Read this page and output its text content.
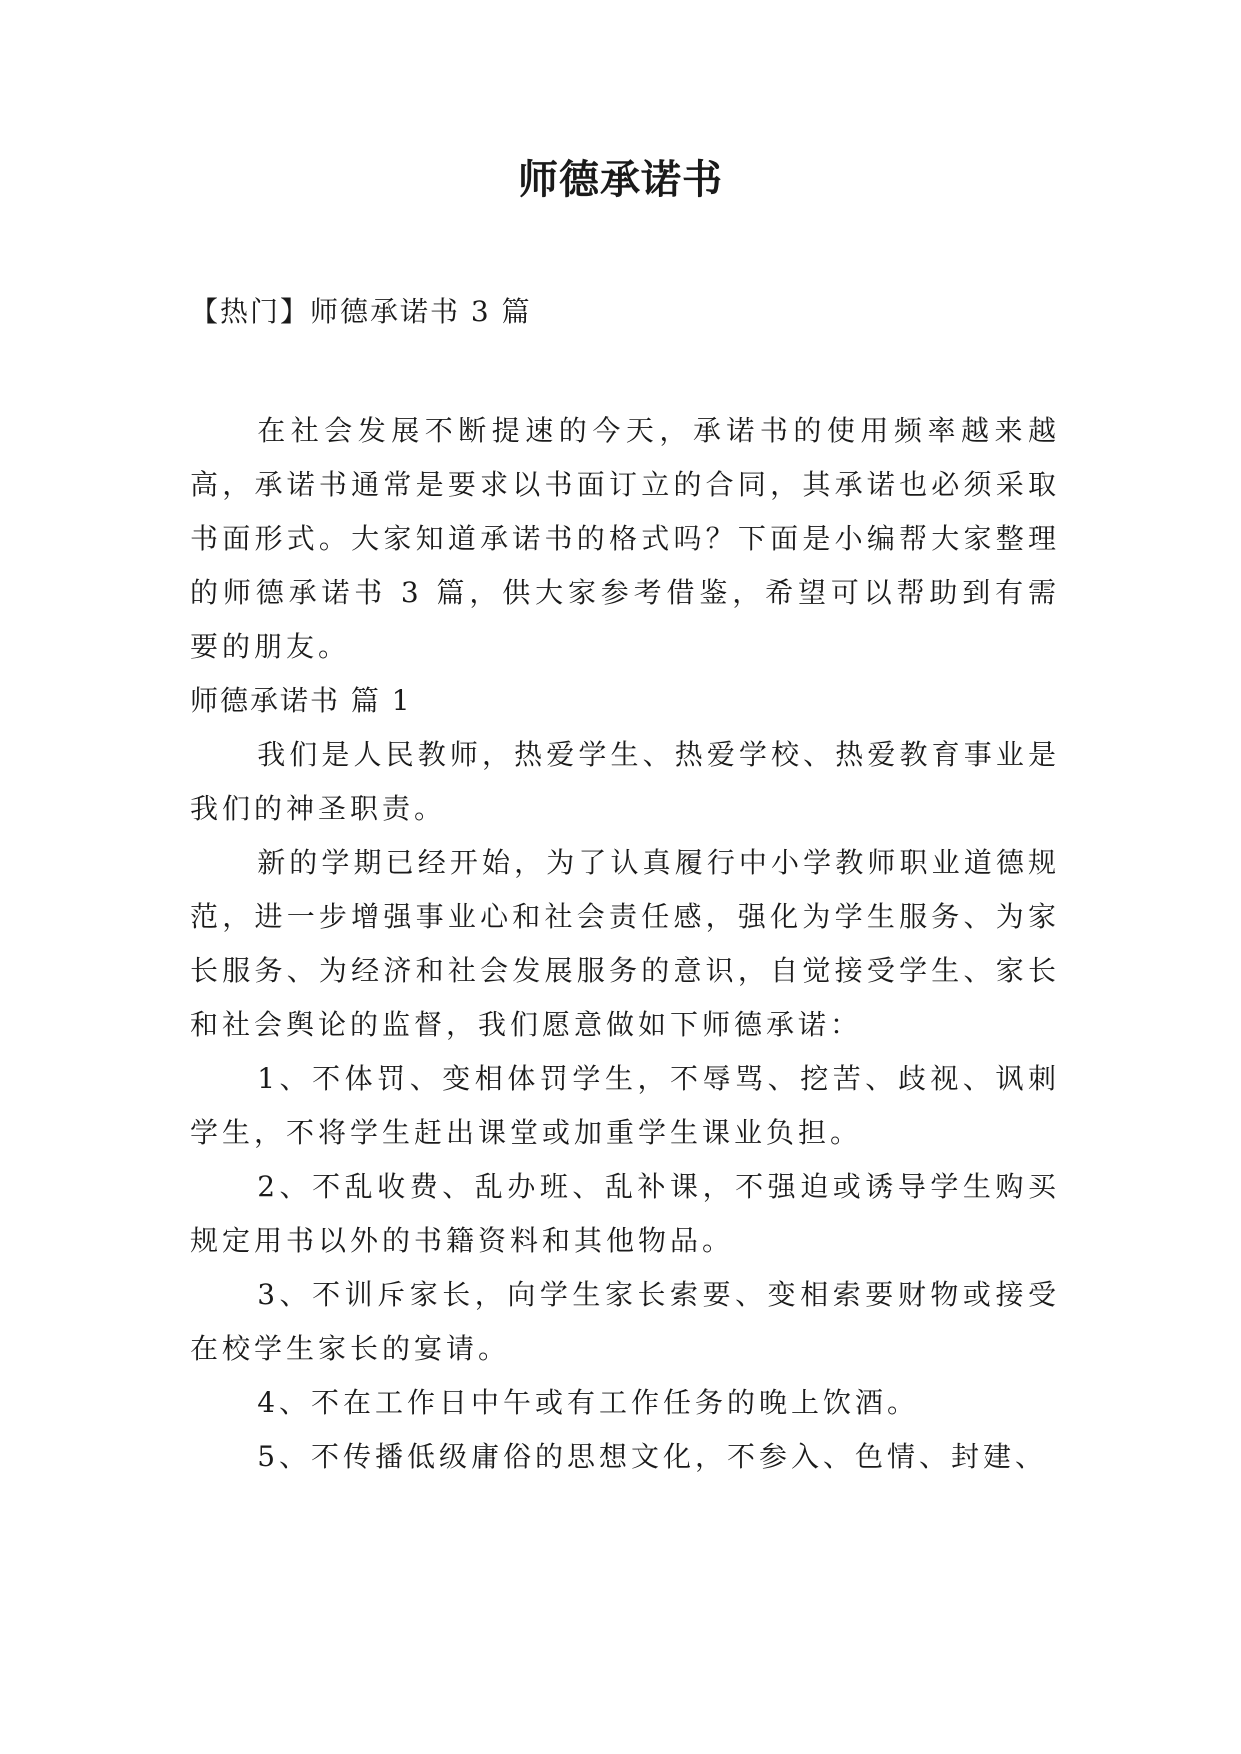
师德承诺书
【热门】师德承诺书 3 篇

在社会发展不断提速的今天，承诺书的使用频率越来越高，承诺书通常是要求以书面订立的合同，其承诺也必须采取书面形式。大家知道承诺书的格式吗？下面是小编帮大家整理的师德承诺书 3 篇，供大家参考借鉴，希望可以帮助到有需要的朋友。

师德承诺书 篇 1

我们是人民教师，热爱学生、热爱学校、热爱教育事业是我们的神圣职责。

新的学期已经开始，为了认真履行中小学教师职业道德规范，进一步增强事业心和社会责任感，强化为学生服务、为家长服务、为经济和社会发展服务的意识，自觉接受学生、家长和社会舆论的监督，我们愿意做如下师德承诺：

1、不体罚、变相体罚学生，不辱骂、挖苦、歧视、讽刺学生，不将学生赶出课堂或加重学生课业负担。

2、不乱收费、乱办班、乱补课，不强迫或诱导学生购买规定用书以外的书籍资料和其他物品。

3、不训斥家长，向学生家长索要、变相索要财物或接受在校学生家长的宴请。

4、不在工作日中午或有工作任务的晚上饮酒。

5、不传播低级庸俗的思想文化，不参入、色情、封建、
